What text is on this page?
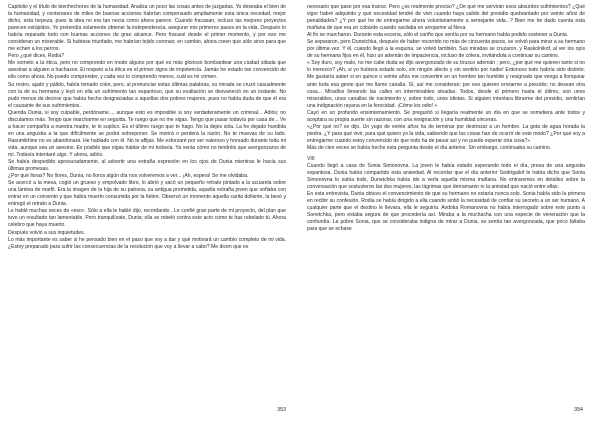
Capitolio y el título de bienhechores de la humanidad. Analiza un poco las cosas antes de juzgarlas. Yo deseaba el bien de la humanidad, y centenares de miles de buenas acciones habrían compensado ampliamente esta única necedad, mejor dicho, esta torpeza, pues la idea no era tan necia como ahora parece. Cuando fracasan, incluso las mejores proyectos parecen estúpidos. Yo pretendía solamente obtener la independencia, asegurar mis primeros pasos en la vida. Después lo habría reparado todo con buenas acciones de gran alcance. Pero fracasé desde el primer momento, y por eso me consideran un miserable. Si hubiese triunfado, me habrían tejido coronas; en cambio, ahora creen que sólo sirvo para que me echen a los perros.

Pero ¿qué dices, Rodia?

Me someto a la ética, pero no comprendo en modo alguno por qué es más glorioso bombardear una ciudad sitiada que asesinar a alguien a hachazos. El respeto a la ética es el primer signo de impotencia. Jamás he estado tan convencido de ello como ahora. No puedo comprender, y cada vez lo comprendo menos, cuál es mi crimen.

Su rostro, ajado y pálido, había tomado color, pero, al pronunciar estas últimas palabras, su mirada se cruzó casualmente con la de su hermana y leyó en ella un sufrimiento tan espantoso, que su exaltación se desvaneció en un instante. No pudo menos de decirse que había hecho desgraciadas a aquellas dos pobres mujeres, pues no había duda de que él era el causante de sus sufrimientos.

Querida Dunia, si soy culpable, perdóname..., aunque esto es imposible si soy verdaderamente un criminal... Adiós; no discutamos más. Tengo que marcharme en seguida. Te ruego que no me sigas. Tengo que pasar todavía por casa de... Ve a hacer compañía a nuestra madre, te lo suplico. Es el último ruego que te hago. No la dejes sola. La he dejado hundida en una angustia a la que difícilmente se podrá sobreponer. Se morirá o perderá la razón. No te muevas de su lado. Rasumikhine no es abandonará. He hablado con él. No te aflijas. Me esforzaré por ser valeroso y honrado durante toda mi vida, aunque sea un asesino. Es posible que oigas hablar de mí todavía. Ya verás cómo no tendréis que avergonzaros de mí. Todavía intentaré algo. Y ahora, adiós.

Se había despedido apresuradamente, al advertir una extraña expresión en los ojos de Dunia mientras le hacía sus últimas promesas.

¿Por qué lloras? No llores, Dunia, no lloros algún día nos volveremos a ver... ¡Ah, espera! Se me olvidaba.

Se acercó a la mesa, cogió un grueso y empolvado libro, lo abrió y sacó un pequeño retrato pintado a la acuarela sobre una lámina de marfil. Era la imagen de la hija de su patrona, su antigua prometida, aquella extraña joven que soñaba con entrar en un convento y que había muerto consumida por la fiebre. Observó un momento aquella carita doliente, la besó y entregó el retrato a Dunia.

Le hablé muchas veces de «eso». Sólo a ella le hablé dijo, recordando . Le confié gran parte de mi proyecto, del plan que tuvo un resultado tan lamentable. Pero tranquilízate, Dunia; ella se rebeló contra este acto como te has rebelado tú. Ahora celebro que haya muerto.

Después volvió a sus inquietudes.

Lo más importante es saber si he pensado bien en el paso que voy a dar y qué motivará un cambio completo de mi vida. ¿Estoy preparado para sufrir las consecuencias de la resolución que voy a llevar a cabo? Me dicen que es

353

necesario que pase por esa trance. Pero ¿es realmente preciso? ¿De qué me servirán esos absurdos sufrimientos? ¿Qué vigor habré adquirido y qué necesidad tendré de vivir cuando haya salido del presidio quebrantado por veinte años de penalidades? ¿Y por qué he de entregarme ahora voluntariamente a semejante vida...? Bien me he dado cuenta esta mañana de que era un cobarde cuando vacilaba en arrojarme al Neva.

Al fin se marcharon. Durante esta escena, sólo el cariño que sentía por su hermano había podido sostener a Dunia.

Se separaron, pero Dunetchka, después de haber recorrido no más de cincuenta pasos, se volvió para mirar a su hermano por última vez. Y él, cuando llegó a la esquina, se volvió también. Sus miradas se cruzaron, y Raskolnikof, al ver los ojos de su hermana fijos en él, hizo un ademán de impaciencia, incluso de cólera, invitándola a continuar su camino.

« Soy duro, soy malo, no me cabe duda se dijo avergonzado de su brusco ademán ; pero, ¿por qué me quieren tanto si no lo merezco? ¡Ah, si yo hubiera estado solo, sin ningún afecto y sin sentirlo por nadie! Entonces todo habría sido distinto. Me gustaría saber si en quince o veinte años me convertiré en un hombre tan humilde y resignado que venga a lloriquear ante toda esa gente que me llame canalla. Sí, así me consideran; por eso quieren enviarme a presidio; no desean otra cosa... Miradlos llenando las calles en interminables oleadas. Todos, desde el primero hasta el último, son unos miserables, unos canallas de nacimiento y, sobre todo, unos idiotas. Si alguien intentara librarme del presidio, sentirían una indignación rayana en la ferocidad. ¡Cómo los odio! »

Cayó en un profundo ensimismamiento. Se preguntó si llegaría realmente un día en que se sometiera ante todos y aceptara su propia suerte sin razonar, con una resignación y una humildad sinceras.

«¿Por qué no? se dijo. Un yugo de veinte años ha de terminar por destrozar a un hombre. La gota de agua horada la piedra. ¿Y para qué vivir, para qué quiero yo la vida, sabiendo que las cosas han de ocurrir de este modo? ¿Por qué voy a entregarme cuando estoy convencido de que todo ha de pasar así y no puedo esperar otra cosa?»

Más de cien veces se había hecho esta pregunta desde el día anterior. Sin embargo, continuaba su camino.

VIII

Cuando llegó a casa de Sonia Simonovna. La joven le había estado esperando todo el día, presa de una angustia espantosa. Dunia había compartido esta ansiedad. Al recordar que el día anterior Svidrigailof le había dicho que Sonia Simonovna lo sabía todo, Dunetchka había ido a verla aquella misma mañana. No entraremos en detalles sobre la conversación que sostuvieron las dos mujeres, las lágrimas que derramaron ni la amistad que nació entre ellas.

En esta entrevista, Dunia obtuvo el convencimiento de que su hermano no estaría nunca solo. Sonia había sido la primera en recibir su confesión. Rodia se había dirigido a ella cuando sintió la necesidad de confiar su secreto a un ser humano. A cualquier parte que el destino le llevara, ella le seguiría. Avdotia Romanovna no había interrogado sobre este punto a Sonetchka, pero estaba segura de que procedería así. Miraba a la muchacha con una especie de veneración que la confundía. La pobre Sonia, que se consideraba indigna de mirar a Dunia, se sentía tan avergonzada, que poco faltaba para que se echase

354
